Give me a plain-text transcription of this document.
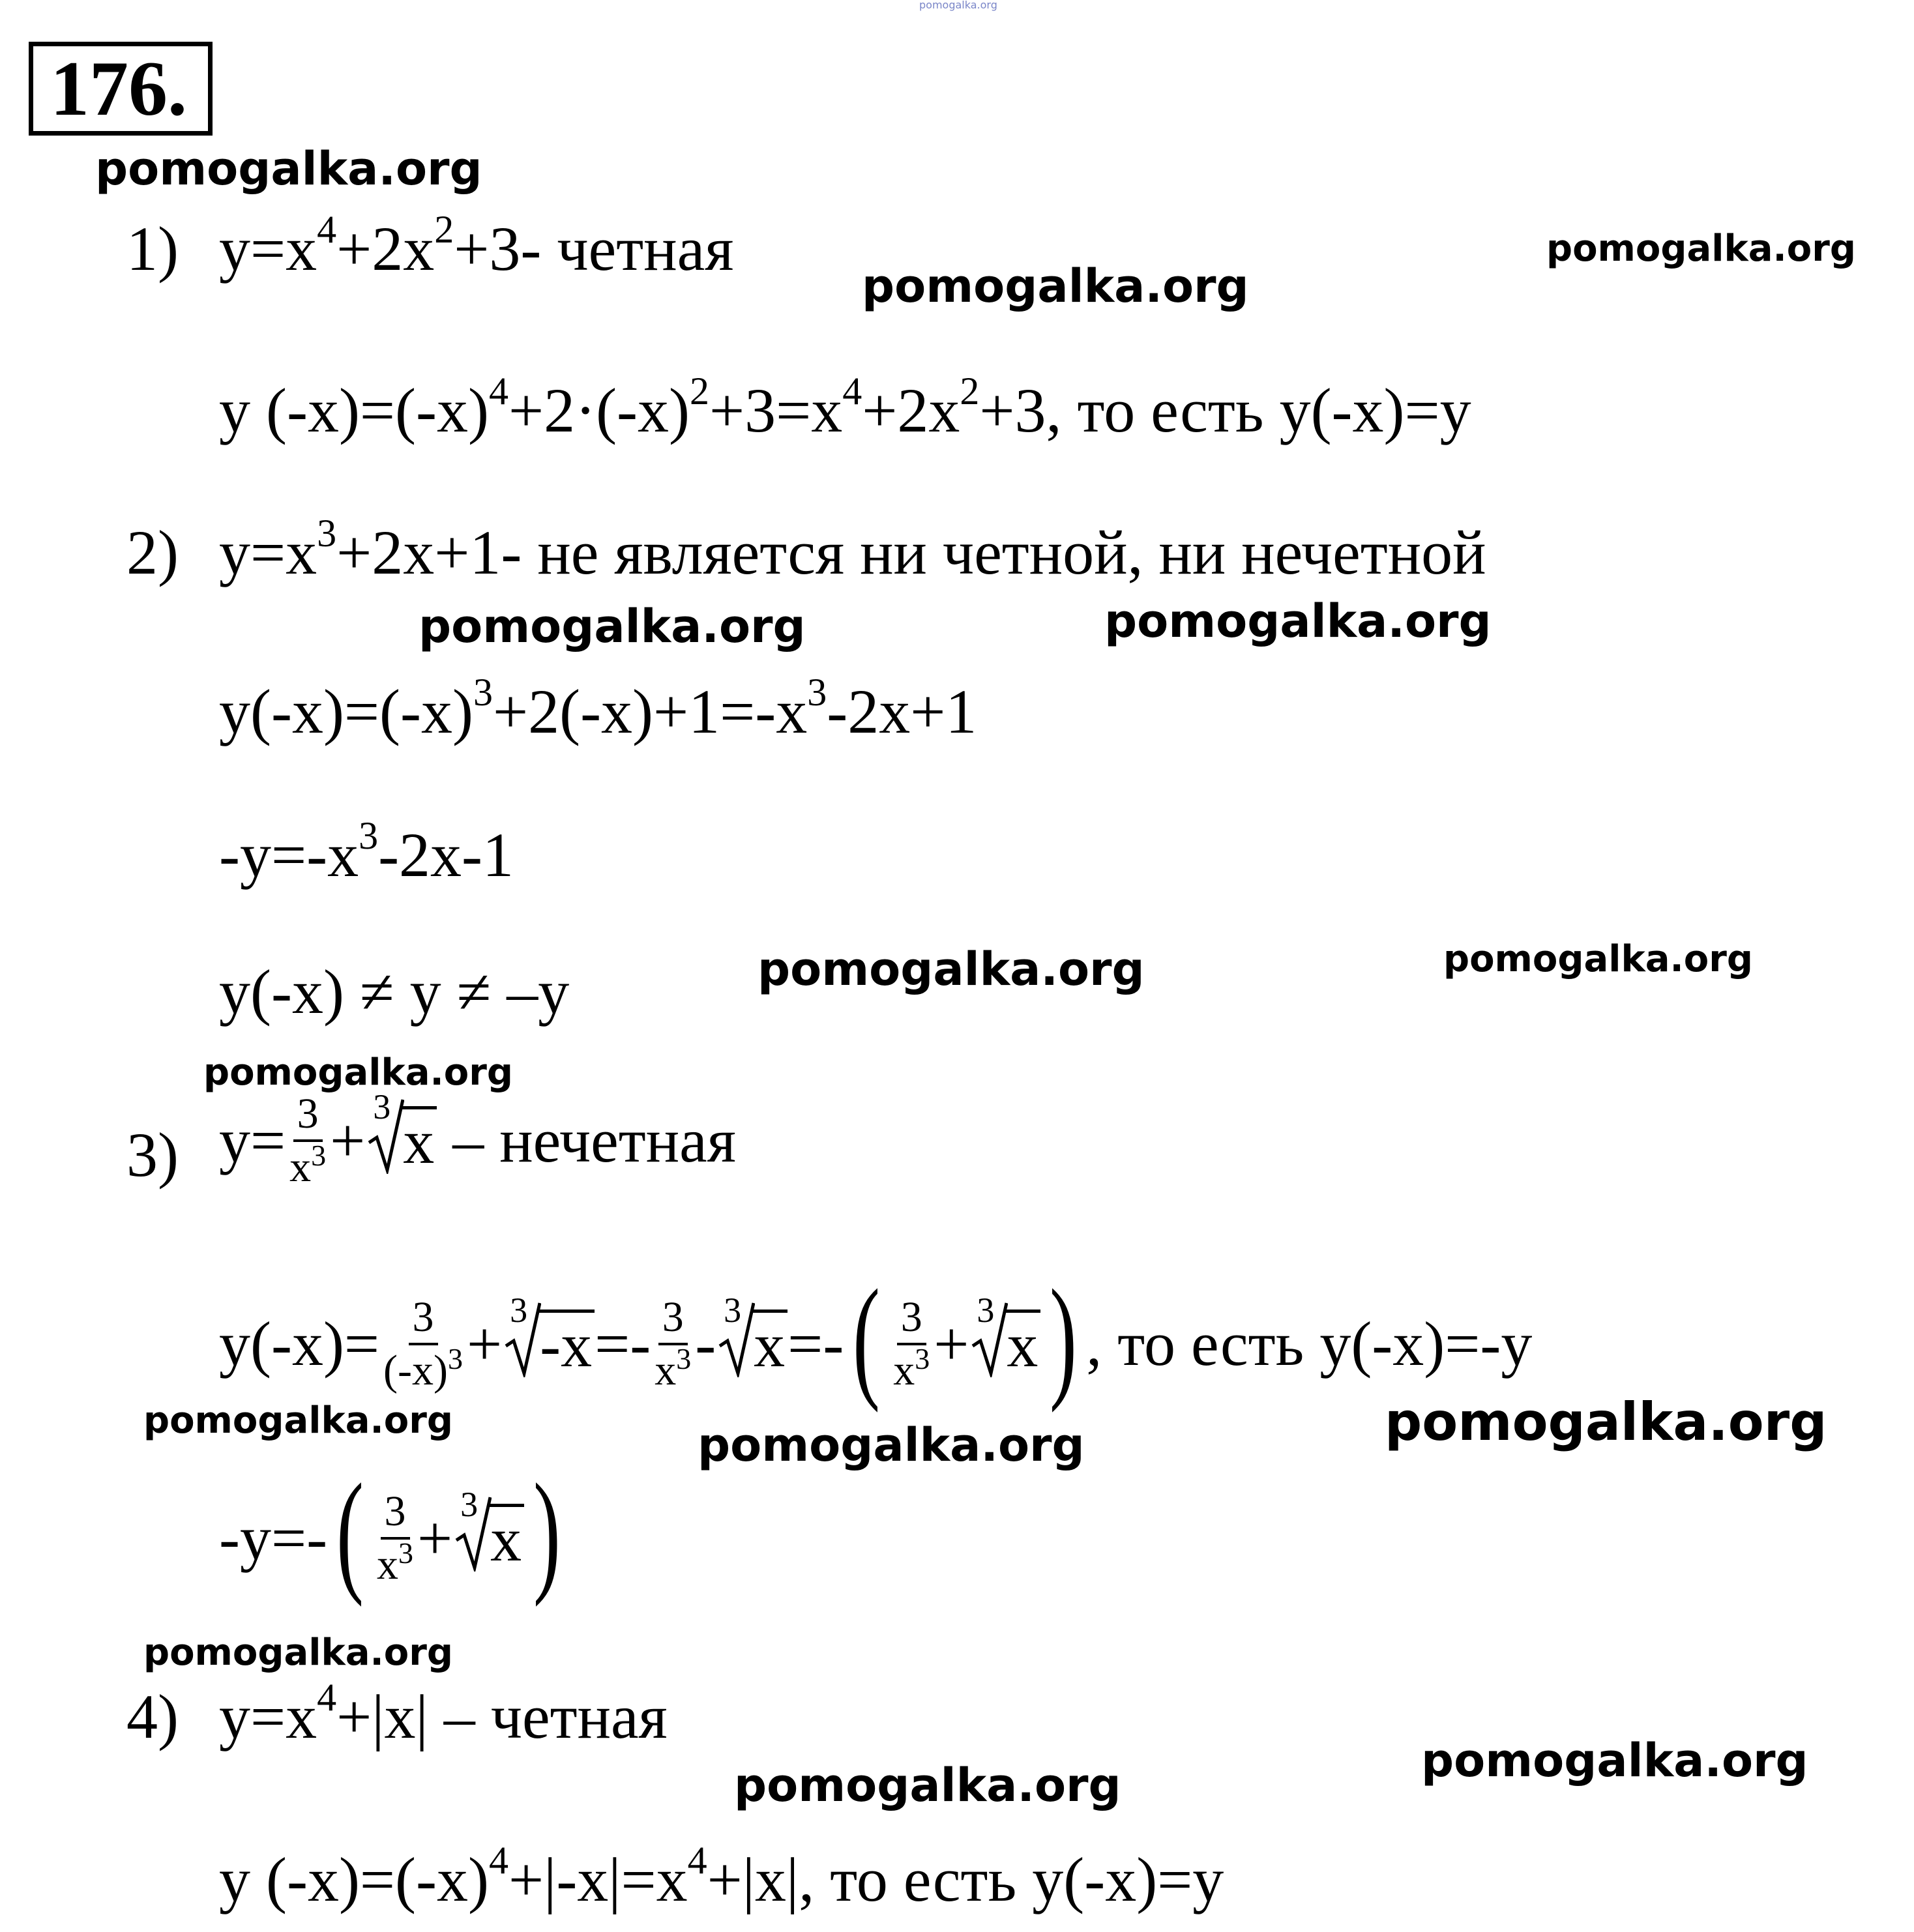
pomogalka.org
176.
pomogalka.org
pomogalka.org
pomogalka.org
pomogalka.org	pomogalka.org
pomogalka.org	pomogalka.org
pomogalka.org
pomogalka.org	pomogalka.org	pomogalka.org
pomogalka.org
pomogalka.org	pomogalka.org
1) $y=x^4+2x^2+3-$ четная
y $(-x)=(-x)^4+2\cdot(-x)^2+3=x^4+2x^2+3$, то есть y(-x)=y
2) $y=x^3+2x+1-$ не является ни четной, ни нечетной
$y(-x)=(-x)^3+2(-x)+1=-x^3-2x+1$
$-y=-x^3-2x-1$
y(-x) ≠ y ≠ –y
3) $y= \frac{3}{x^3} + 3$ x – нечетная
$y(-x)= \frac{3}{(-x)^3} + 3$ $-x=- \frac{3}{x^3} - 3$ $x=-( \frac{3}{x^3} + 3$ x) , то есть y(-x)=-y
$-y=-( \frac{3}{x^3} + 3$ x)
4) $y=x^4+|x|$ – четная
y $(-x)=(-x)^4+|-x|=x^4+|x|$, то есть y(-x)=y
